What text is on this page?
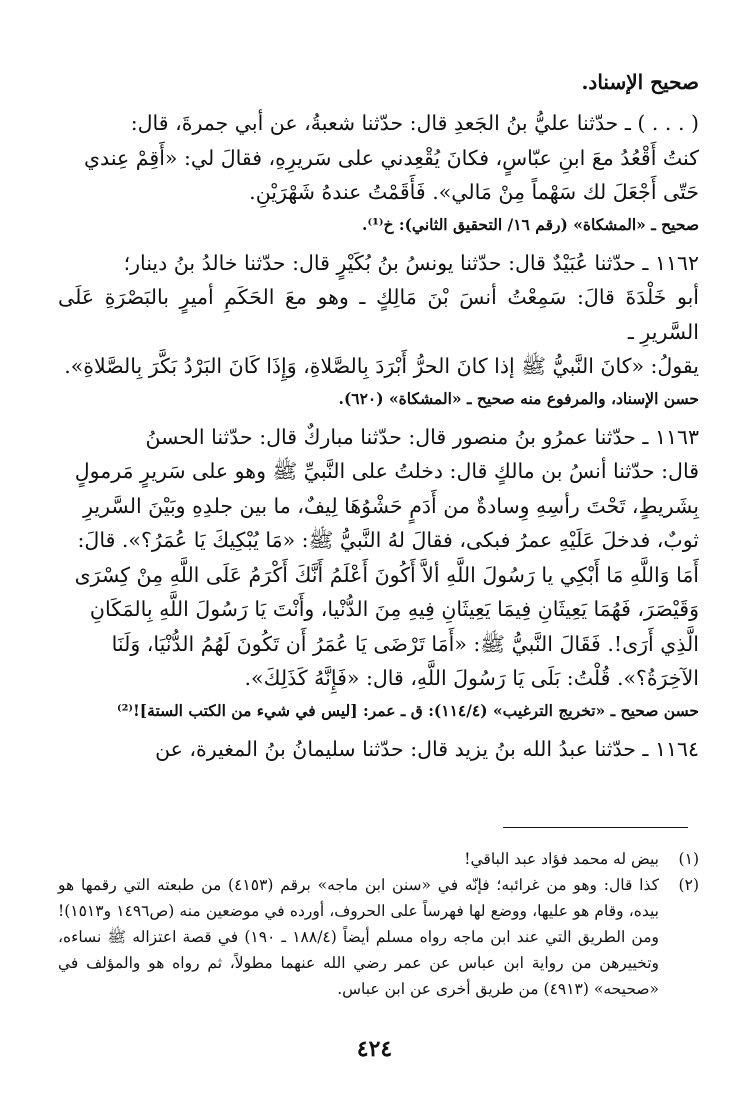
صحيح الإسناد.
( . . . ) ـ حدّثنا عليُّ بنُ الجَعدِ قال: حدّثنا شعبةُ، عن أبي جمرةَ، قال:
كنتُ أَقْعُدُ معَ ابنِ عبّاسٍ، فكانَ يُقْعِدني على سَريرِهِ، فقالَ لي: «أَقِمْ عِندي
حَتّى أَجْعَلَ لك سَهْماً مِنْ مَالي». فَأَقَمْتُ عندهُ شَهْرَيْنِ.
صحيح ـ «المشكاة» (رقم ١٦/ التحقيق الثاني): خ⁽¹⁾.
١١٦٢ ـ حدّثنا عُبَيْدٌ قال: حدّثنا يونسُ بنُ بُكَيْرٍ قال: حدّثنا خالدُ بنُ دينار؛
أبو خَلْدَةَ قالَ: سَمِعْتُ أنسَ بْنَ مَالِكٍ ـ وهو معَ الحَكَمِ أميرٍ بالبَصْرَةِ عَلَى السَّريرِ ـ
يقولُ: «كانَ النَّبيُّ ﷺ إذا كانَ الحرُّ أَبْرَدَ بِالصَّلاةِ، وَإِذَا كَانَ البَرْدُ بَكَّرَ بِالصَّلاةِ».
حسن الإسناد، والمرفوع منه صحيح ـ «المشكاة» (٦٢٠).
١١٦٣ ـ حدّثنا عمرُو بنُ منصور قال: حدّثنا مباركٌ قال: حدّثنا الحسنُ
قال: حدّثنا أنسُ بن مالكٍ قال: دخلتُ على النَّبيِّ ﷺ وهو على سَريرٍ مَرمولٍ
بِشَريطٍ، تَحْتَ رأسِهِ وِسادةٌ من أَدَمٍ حَشْوُهَا لِيفٌ، ما بين جلدِهِ وبَيْنَ السَّريرِ
ثوبٌ، فدخلَ عَلَيْهِ عمرُ فبكى، فقالَ لهُ النَّبيُّ ﷺ: «مَا يُبْكِيكَ يَا عُمَرُ؟». قالَ:
أَمَا وَاللَّهِ مَا أَبْكِي يا رَسُولَ اللَّهِ ألاَّ أَكُونَ أَعْلَمُ أَنَّكَ أَكْرَمُ عَلَى اللَّهِ مِنْ كِسْرَى
وَقَيْصَرَ، فَهُمَا يَعِيثَانِ فِيمَا يَعِيثَانِ فِيهِ مِنَ الدُّنْيا، وأَنْتَ يَا رَسُولَ اللَّهِ بِالمَكَانِ
الَّذِي أَرَى!. فَقَالَ النَّبيُّ ﷺ: «أَمَا تَرْضَى يَا عُمَرُ أَن تَكُونَ لَهُمُ الدُّنْيَا، وَلَنَا
الآخِرَةُ؟». قُلْتُ: بَلَى يَا رَسُولَ اللَّهِ، قال: «فَإِنَّهُ كَذَلِكَ».
حسن صحيح ـ «تخريج الترغيب» (١١٤/٤): ق ـ عمر: [ليس في شيء من الكتب الستة]!⁽²⁾
١١٦٤ ـ حدّثنا عبدُ الله بنُ يزيد قال: حدّثنا سليمانُ بنُ المغيرة، عن
(١)
بيض له محمد فؤاد عبد الباقي!
(٢)
كذا قال: وهو من غرائبه؛ فإنّه في «سنن ابن ماجه» برقم (٤١٥٣) من طبعته التي رقمها هو بيده، وقام هو عليها، ووضع لها فهرساً على الحروف، أورده في موضعين منه (ص١٤٩٦ و١٥١٣)! ومن الطريق التي عند ابن ماجه رواه مسلم أيضاً (١٨٨/٤ ـ ١٩٠) في قصة اعتزاله ﷺ نساءه، وتخييرهن من رواية ابن عباس عن عمر رضي الله عنهما مطولاً، ثم رواه هو والمؤلف في «صحيحه» (٤٩١٣) من طريق أخرى عن ابن عباس.
٤٢٤
